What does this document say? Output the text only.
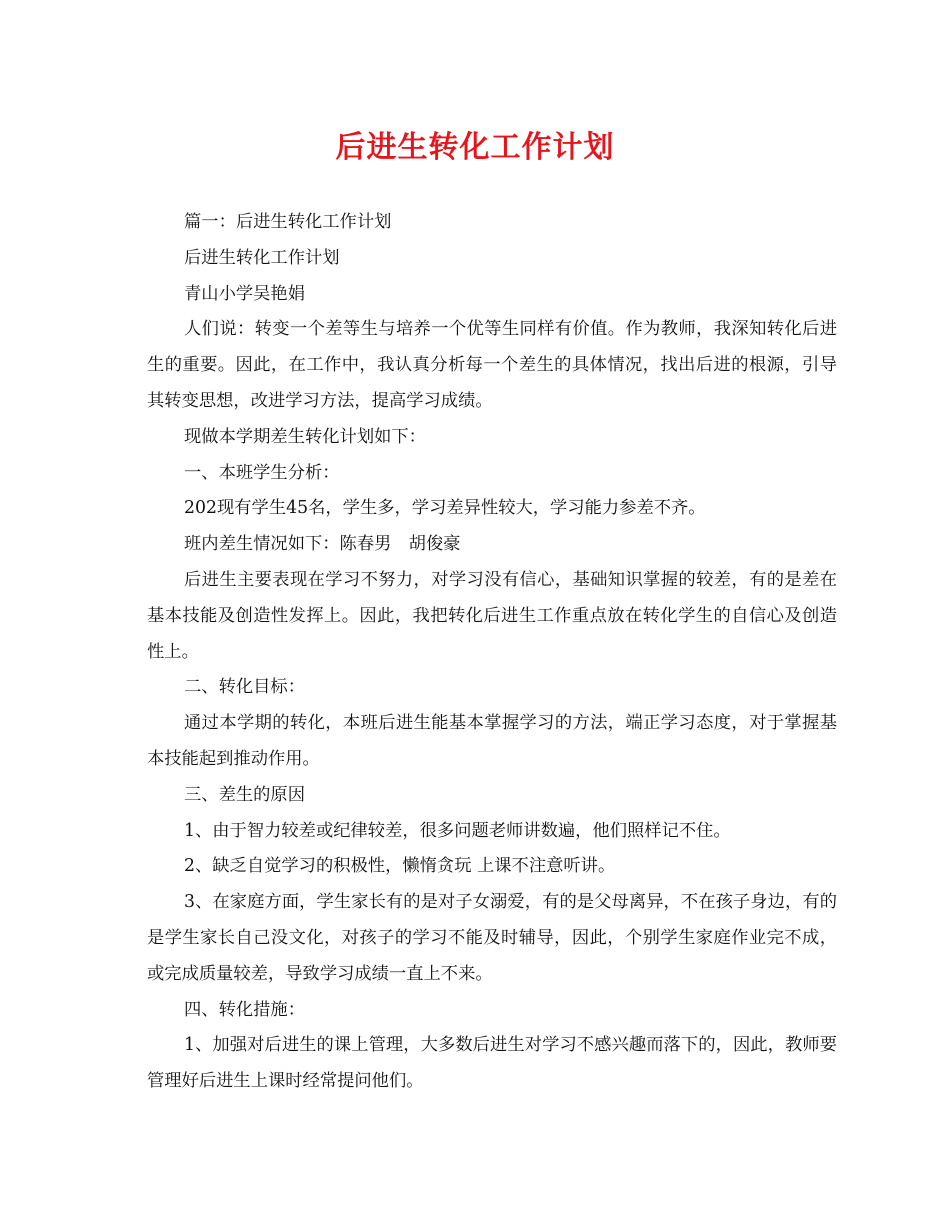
后进生转化工作计划

篇一：后进生转化工作计划

后进生转化工作计划

青山小学吴艳娟

人们说：转变一个差等生与培养一个优等生同样有价值。作为教师，我深知转化后进生的重要。因此，在工作中，我认真分析每一个差生的具体情况，找出后进的根源，引导其转变思想，改进学习方法，提高学习成绩。

现做本学期差生转化计划如下：

一、本班学生分析：

202现有学生45名，学生多，学习差异性较大，学习能力参差不齐。

班内差生情况如下：陈春男　胡俊豪

后进生主要表现在学习不努力，对学习没有信心，基础知识掌握的较差，有的是差在基本技能及创造性发挥上。因此，我把转化后进生工作重点放在转化学生的自信心及创造性上。

二、转化目标：

通过本学期的转化，本班后进生能基本掌握学习的方法，端正学习态度，对于掌握基本技能起到推动作用。

三、差生的原因

1、由于智力较差或纪律较差，很多问题老师讲数遍，他们照样记不住。

2、缺乏自觉学习的积极性，懒惰贪玩 上课不注意听讲。

3、在家庭方面，学生家长有的是对子女溺爱，有的是父母离异，不在孩子身边，有的是学生家长自己没文化，对孩子的学习不能及时辅导，因此，个别学生家庭作业完不成，或完成质量较差，导致学习成绩一直上不来。

四、转化措施：

1、加强对后进生的课上管理，大多数后进生对学习不感兴趣而落下的，因此，教师要管理好后进生上课时经常提问他们。
